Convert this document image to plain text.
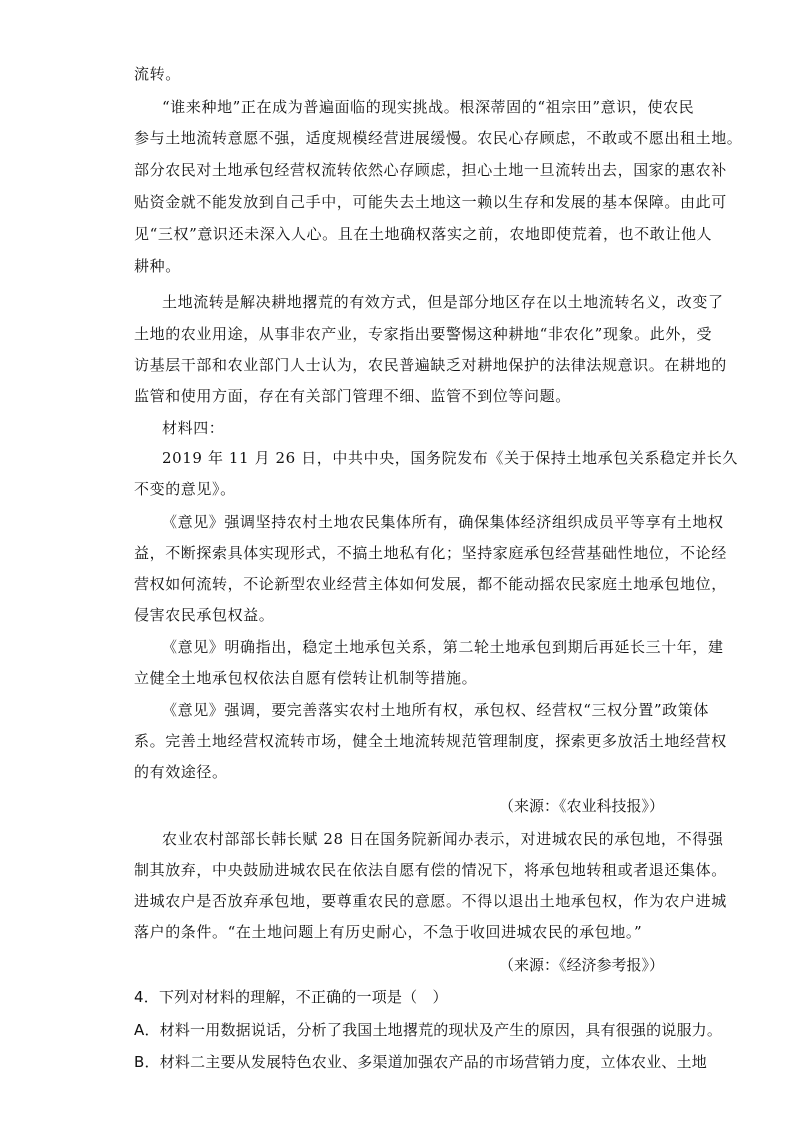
流转。
“谁来种地”正在成为普遍面临的现实挑战。根深蒂固的“祖宗田”意识，使农民
参与土地流转意愿不强，适度规模经营进展缓慢。农民心存顾虑，不敢或不愿出租土地。
部分农民对土地承包经营权流转依然心存顾虑，担心土地一旦流转出去，国家的惠农补
贴资金就不能发放到自己手中，可能失去土地这一赖以生存和发展的基本保障。由此可
见“三权”意识还未深入人心。且在土地确权落实之前，农地即使荒着，也不敢让他人
耕种。
土地流转是解决耕地撂荒的有效方式，但是部分地区存在以土地流转名义，改变了
土地的农业用途，从事非农产业，专家指出要警惕这种耕地“非农化”现象。此外，受
访基层干部和农业部门人士认为，农民普遍缺乏对耕地保护的法律法规意识。在耕地的
监管和使用方面，存在有关部门管理不细、监管不到位等问题。
材料四：
2019 年 11 月 26 日，中共中央，国务院发布《关于保持土地承包关系稳定并长久
不变的意见》。
《意见》强调坚持农村土地农民集体所有，确保集体经济组织成员平等享有土地权
益，不断探索具体实现形式，不搞土地私有化；坚持家庭承包经营基础性地位，不论经
营权如何流转，不论新型农业经营主体如何发展，都不能动摇农民家庭土地承包地位，
侵害农民承包权益。
《意见》明确指出，稳定土地承包关系，第二轮土地承包到期后再延长三十年，建
立健全土地承包权依法自愿有偿转让机制等措施。
《意见》强调，要完善落实农村土地所有权，承包权、经营权“三权分置”政策体
系。完善土地经营权流转市场，健全土地流转规范管理制度，探索更多放活土地经营权
的有效途径。
（来源：《农业科技报》）
农业农村部部长韩长赋 28 日在国务院新闻办表示，对进城农民的承包地，不得强
制其放弃，中央鼓励进城农民在依法自愿有偿的情况下，将承包地转租或者退还集体。
进城农户是否放弃承包地，要尊重农民的意愿。不得以退出土地承包权，作为农户进城
落户的条件。“在土地问题上有历史耐心，不急于收回进城农民的承包地。”
（来源：《经济参考报》）
4．下列对材料的理解，不正确的一项是（　）
A．材料一用数据说话，分析了我国土地撂荒的现状及产生的原因，具有很强的说服力。
B．材料二主要从发展特色农业、多渠道加强农产品的市场营销力度，立体农业、土地
